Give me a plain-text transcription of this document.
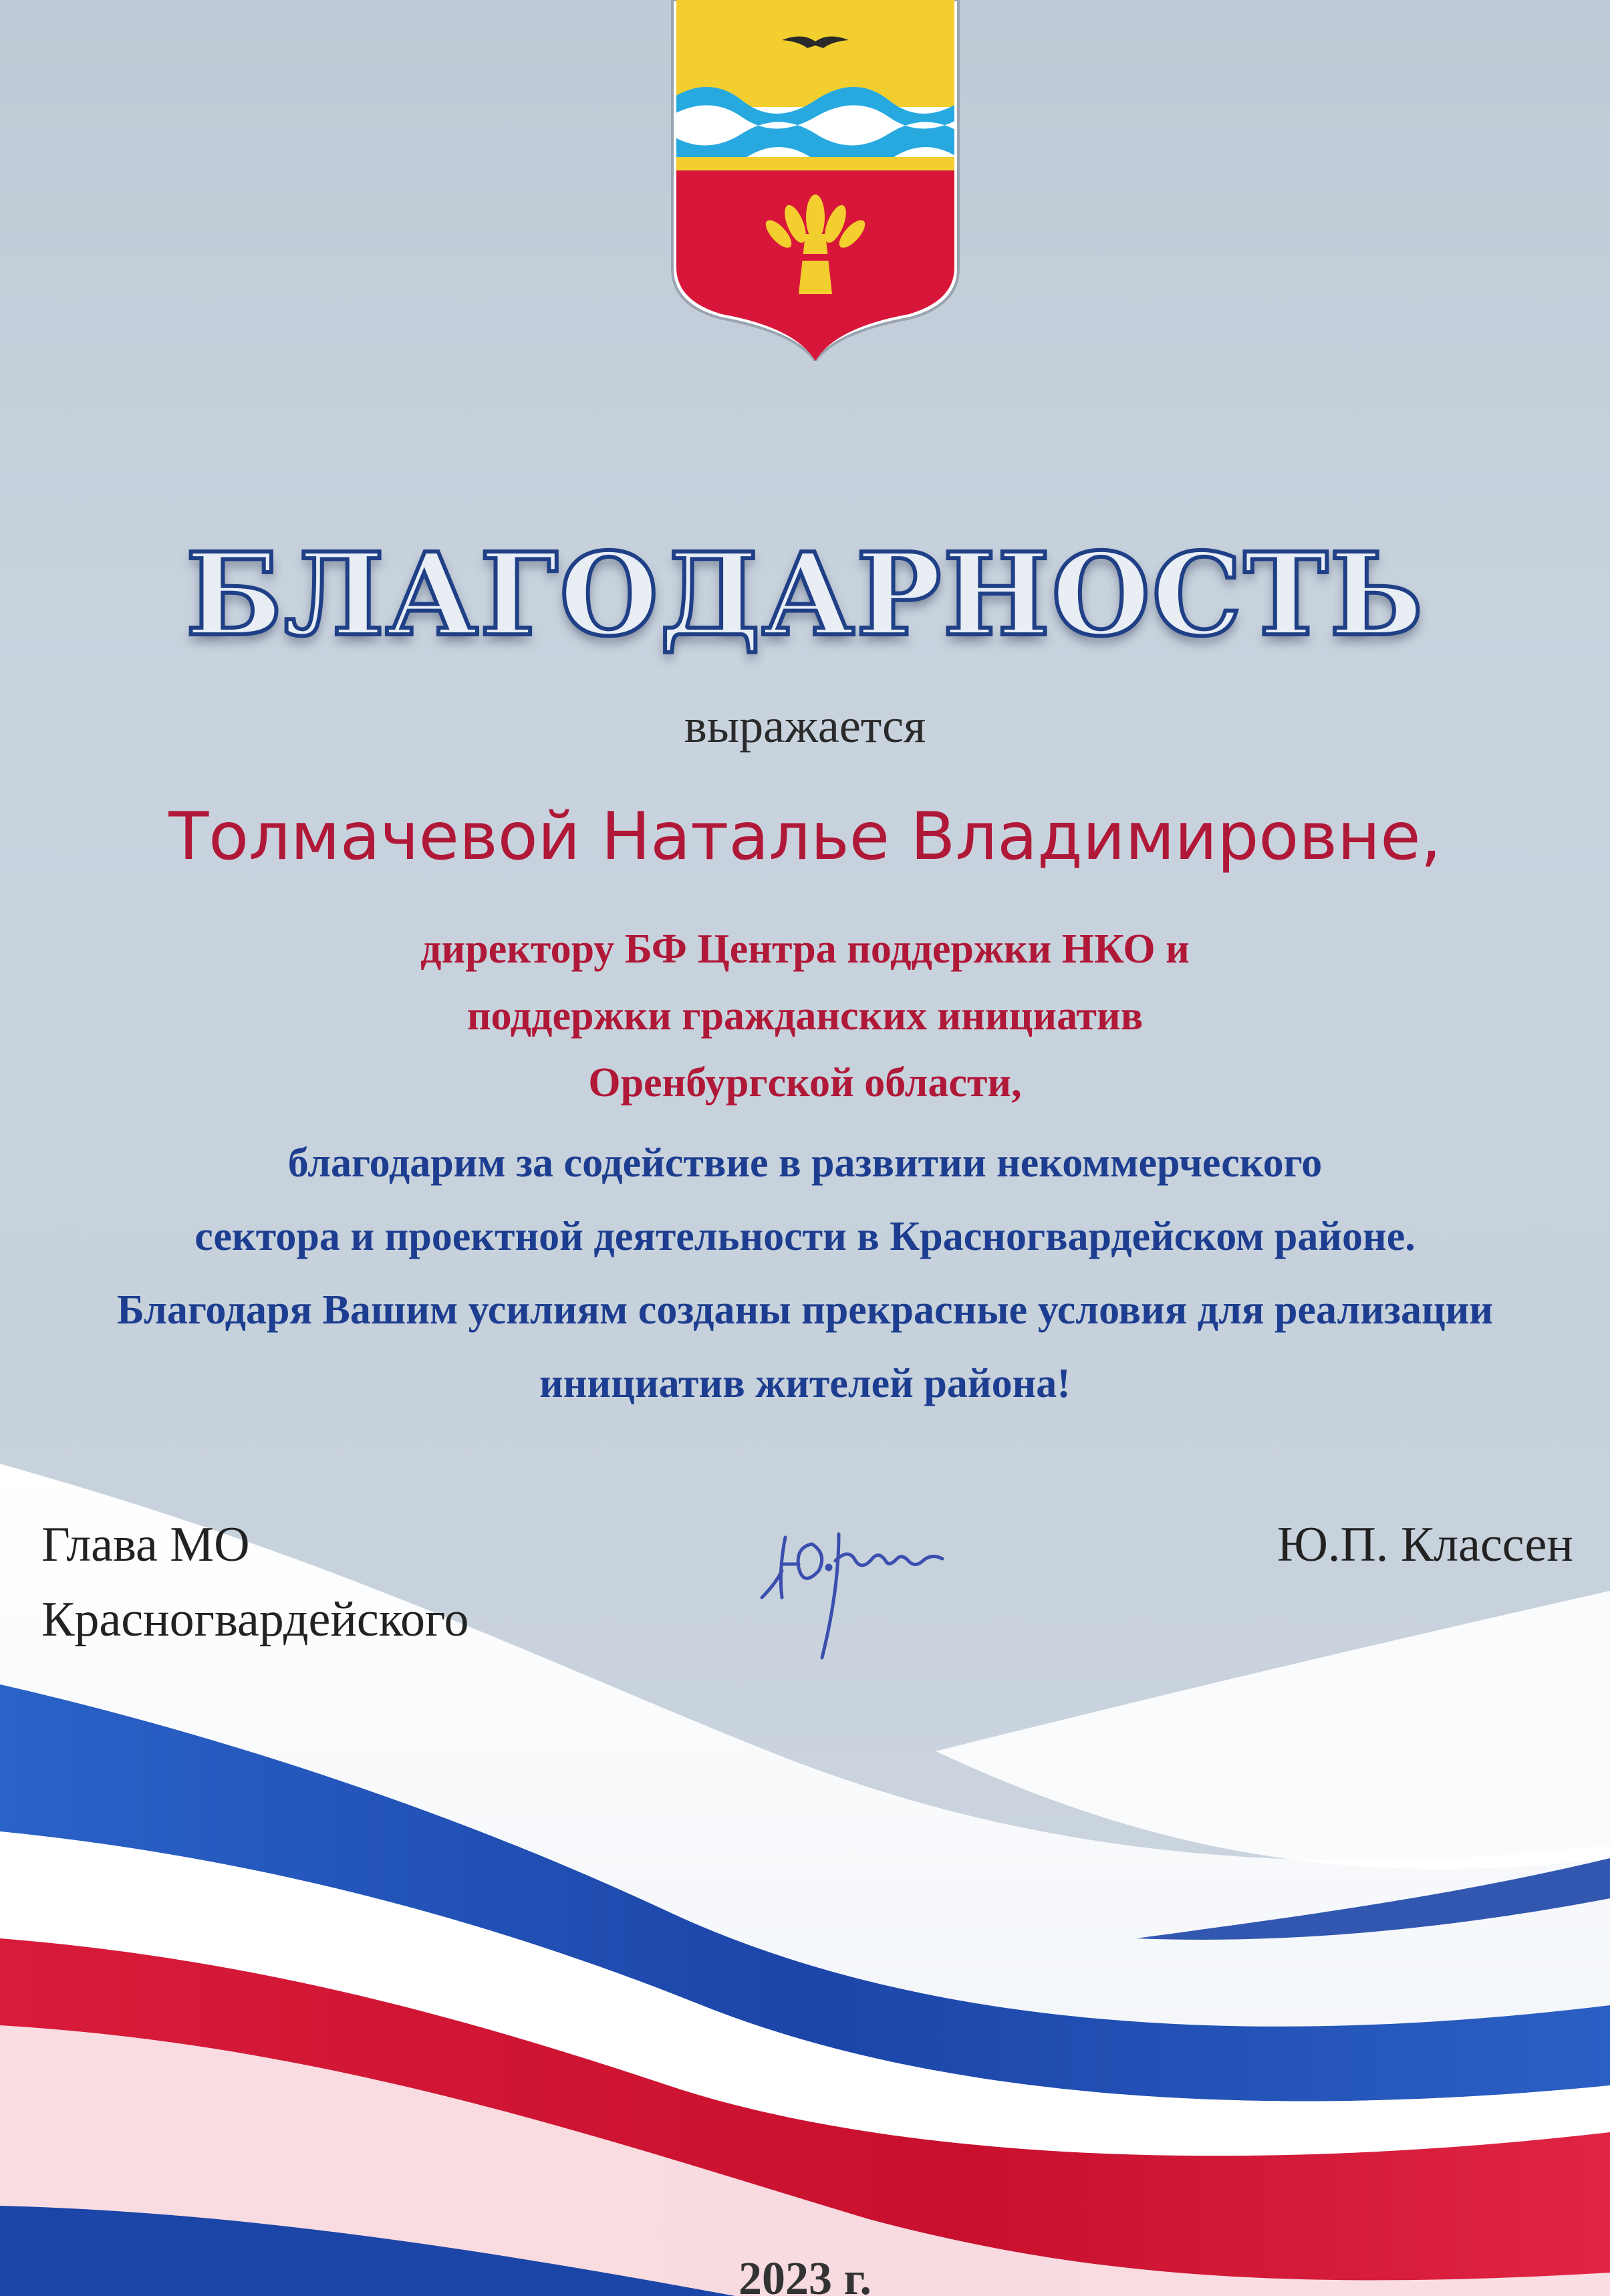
БЛАГОДАРНОСТЬ
выражается
Толмачевой Наталье Владимировне,
директору БФ Центра поддержки НКО и
поддержки гражданских инициатив
Оренбургской области,
благодарим за содействие в развитии некоммерческого
сектора и проектной деятельности в Красногвардейском районе.
Благодаря Вашим усилиям созданы прекрасные условия для реализации
инициатив жителей района!
Глава МО
Красногвардейского
Ю.П. Классен
2023 г.
